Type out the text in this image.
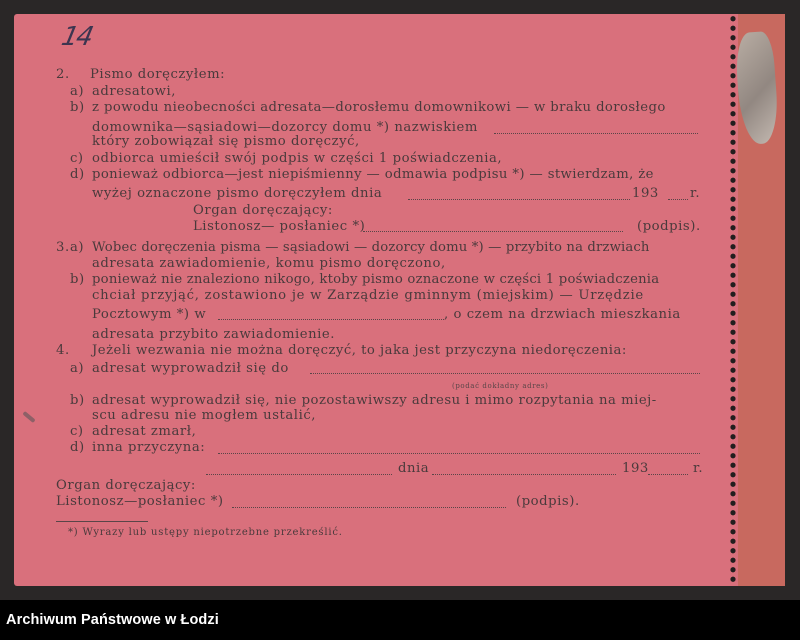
14
2. Pismo doręczyłem:
a) adresatowi,
b) z powodu nieobecności adresata—dorosłemu domownikowi — w braku dorosłego
domownika—sąsiadowi—dozorcy domu *) nazwiskiem
który zobowiązał się pismo doręczyć,
c) odbiorca umieścił swój podpis w części 1 poświadczenia,
d) ponieważ odbiorca—jest niepiśmienny — odmawia podpisu *) — stwierdzam, że
wyżej oznaczone pismo doręczyłem dnia	193 r.
Organ doręczający:
Listonosz— posłaniec *)	(podpis).
3. a) Wobec doręczenia pisma — sąsiadowi — dozorcy domu *) — przybito na drzwiach
adresata zawiadomienie, komu pismo doręczono,
b) ponieważ nie znaleziono nikogo, ktoby pismo oznaczone w części 1 poświadczenia
chciał przyjąć, zostawiono je w Zarządzie gminnym (miejskim) — Urzędzie
Pocztowym *) w	, o czem na drzwiach mieszkania
adresata przybito zawiadomienie.
4. Jeżeli wezwania nie można doręczyć, to jaka jest przyczyna niedoręczenia:
a) adresat wyprowadził się do
(podać dokładny adres)
b) adresat wyprowadził się, nie pozostawiwszy adresu i mimo rozpytania na miej-
scu adresu nie mogłem ustalić,
c) adresat zmarł,
d) inna przyczyna:
dnia	193	r.
Organ doręczający:
Listonosz—posłaniec *)	(podpis).
*) Wyrazy lub ustępy niepotrzebne przekreślić.
Archiwum Państwowe w Łodzi
